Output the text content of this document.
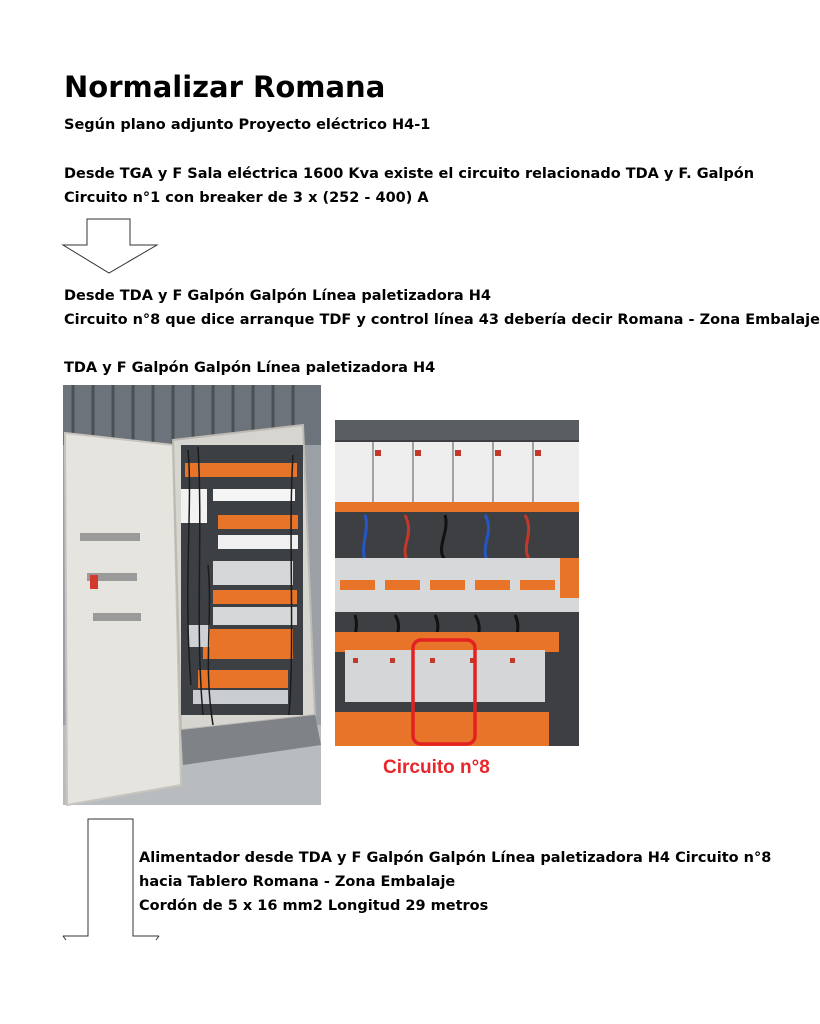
Normalizar Romana
Según plano adjunto Proyecto eléctrico H4-1
Desde TGA y F Sala eléctrica 1600 Kva existe el circuito relacionado TDA y F. Galpón
Circuito n°1 con breaker de 3 x (252 - 400) A
Desde TDA y F Galpón Galpón Línea paletizadora H4
Circuito n°8 que dice arranque TDF y control línea 43 debería decir Romana - Zona Embalaje
TDA y F Galpón Galpón Línea paletizadora H4
Circuito n°8
Alimentador desde TDA y F Galpón Galpón Línea paletizadora H4 Circuito n°8
hacia Tablero Romana - Zona Embalaje
Cordón de 5 x 16 mm2 Longitud 29 metros
